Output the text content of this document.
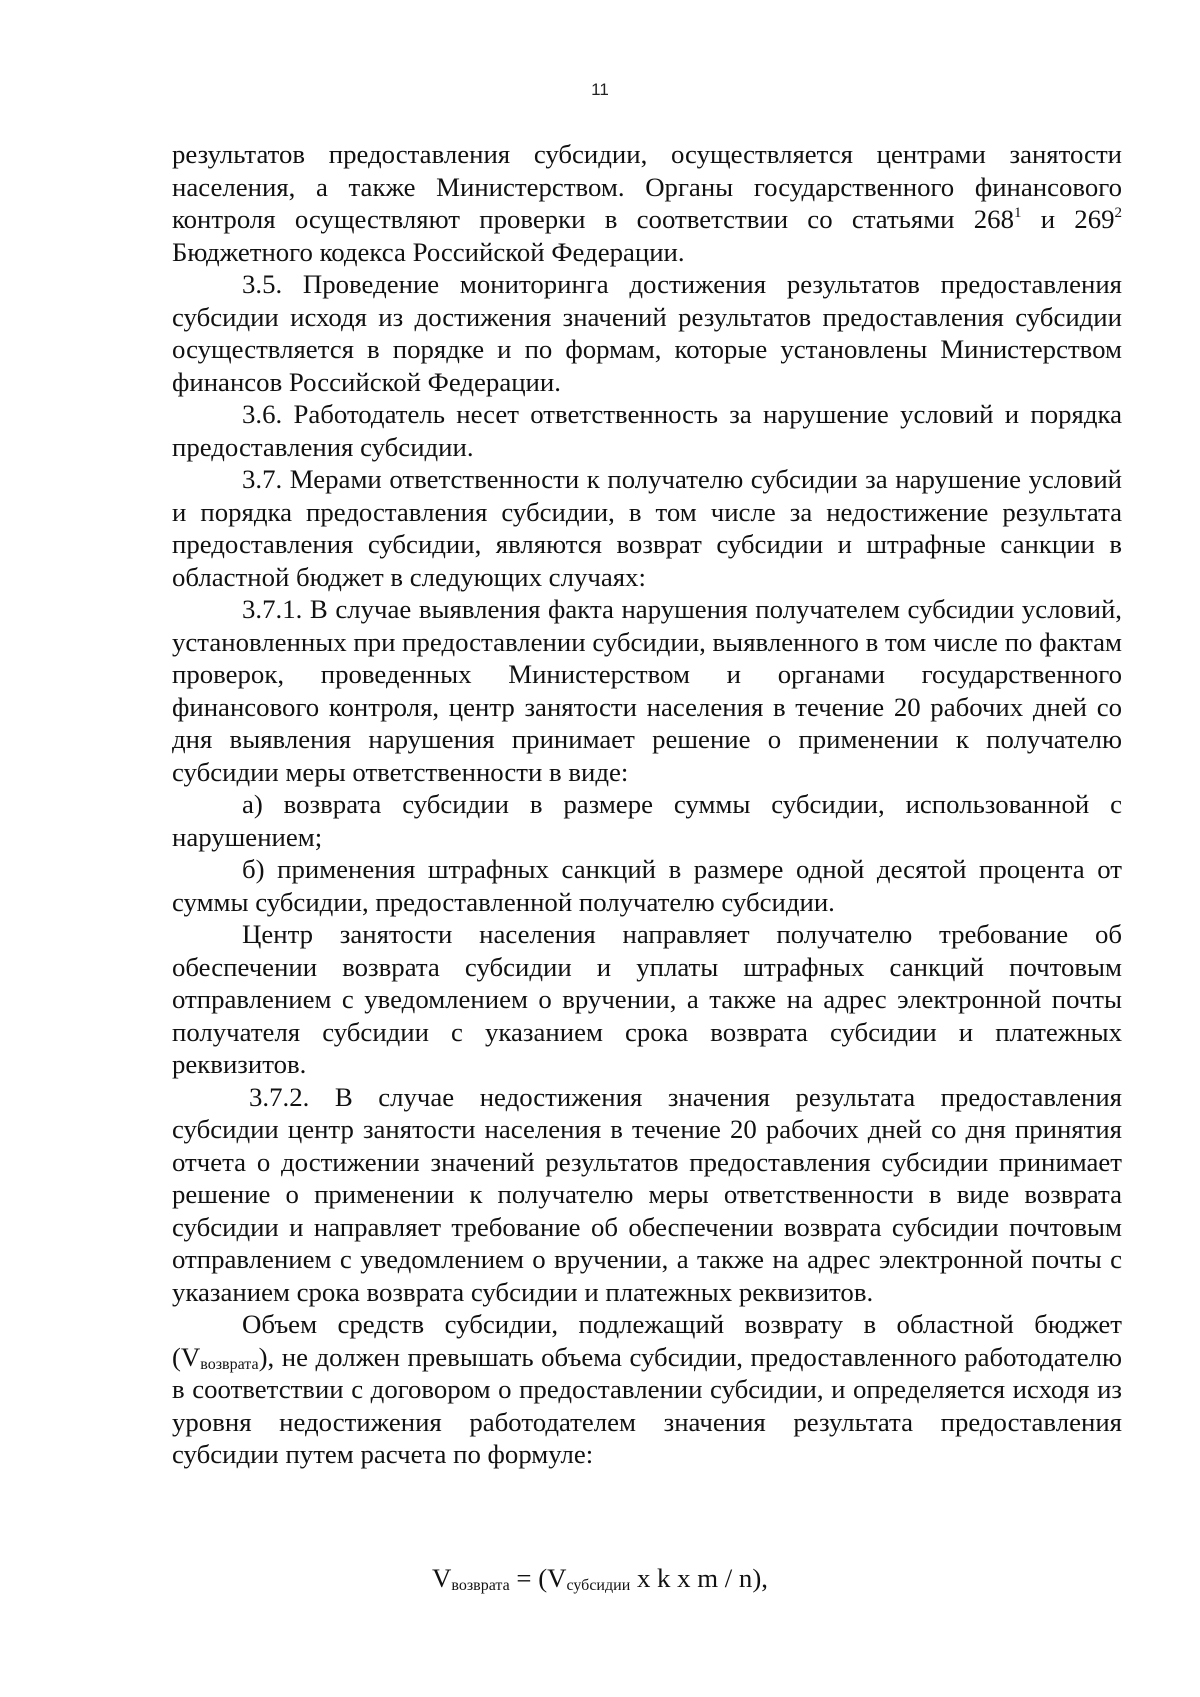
11

результатов предоставления субсидии, осуществляется центрами занятости населения, а также Министерством. Органы государственного финансового контроля осуществляют проверки в соответствии со статьями $268^1$ и $269^2$ Бюджетного кодекса Российской Федерации.

3.5. Проведение мониторинга достижения результатов предоставления субсидии исходя из достижения значений результатов предоставления субсидии осуществляется в порядке и по формам, которые установлены Министерством финансов Российской Федерации.

3.6. Работодатель несет ответственность за нарушение условий и порядка предоставления субсидии.

3.7. Мерами ответственности к получателю субсидии за нарушение условий и порядка предоставления субсидии, в том числе за недостижение результата предоставления субсидии, являются возврат субсидии и штрафные санкции в областной бюджет в следующих случаях:

3.7.1. В случае выявления факта нарушения получателем субсидии условий, установленных при предоставлении субсидии, выявленного в том числе по фактам проверок, проведенных Министерством и органами государственного финансового контроля, центр занятости населения в течение 20 рабочих дней со дня выявления нарушения принимает решение о применении к получателю субсидии меры ответственности в виде:

а) возврата субсидии в размере суммы субсидии, использованной с нарушением;

б) применения штрафных санкций в размере одной десятой процента от суммы субсидии, предоставленной получателю субсидии.

Центр занятости населения направляет получателю требование об обеспечении возврата субсидии и уплаты штрафных санкций почтовым отправлением с уведомлением о вручении, а также на адрес электронной почты получателя субсидии с указанием срока возврата субсидии и платежных реквизитов.

3.7.2. В случае недостижения значения результата предоставления субсидии центр занятости населения в течение 20 рабочих дней со дня принятия отчета о достижении значений результатов предоставления субсидии принимает решение о применении к получателю меры ответственности в виде возврата субсидии и направляет требование об обеспечении возврата субсидии почтовым отправлением с уведомлением о вручении, а также на адрес электронной почты с указанием срока возврата субсидии и платежных реквизитов.

Объем средств субсидии, подлежащий возврату в областной бюджет (Vвозврата), не должен превышать объема субсидии, предоставленного работодателю в соответствии с договором о предоставлении субсидии, и определяется исходя из уровня недостижения работодателем значения результата предоставления субсидии путем расчета по формуле:

Vвозврата = (Vсубсидии x k x m / n),
